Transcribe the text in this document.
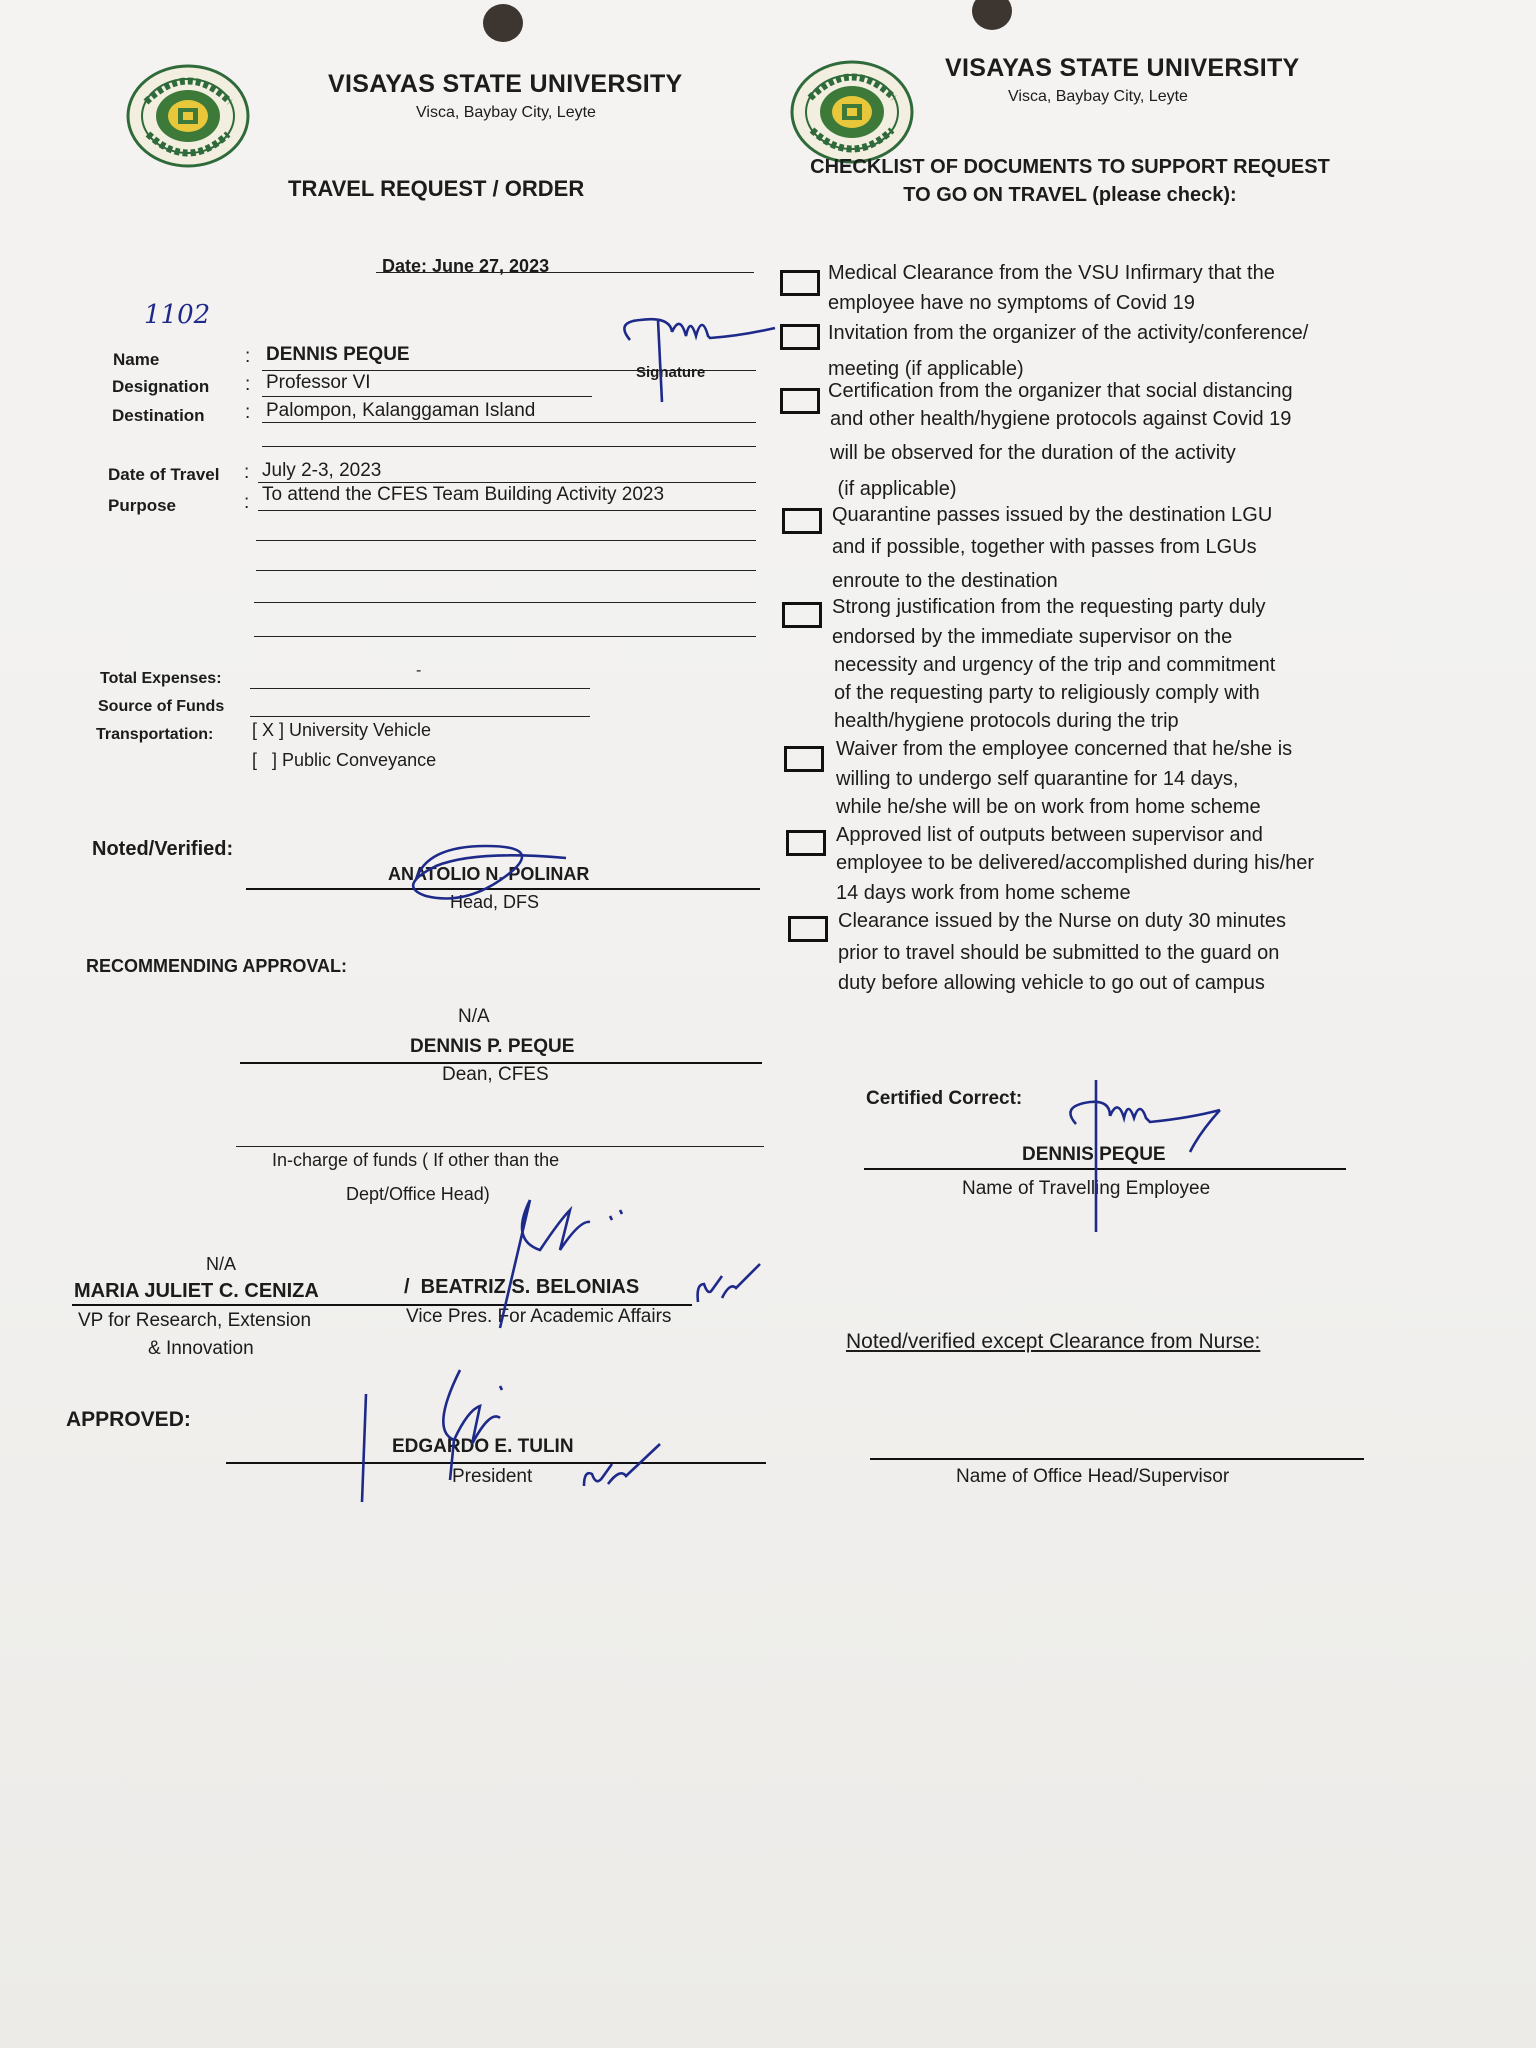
VISAYAS STATE UNIVERSITY
Visca, Baybay City, Leyte
TRAVEL REQUEST / ORDER
VISAYAS STATE UNIVERSITY
Visca, Baybay City, Leyte
CHECKLIST OF DOCUMENTS TO SUPPORT REQUEST
TO GO ON TRAVEL (please check):
Date: June 27, 2023
1102
Name	: DENNIS PEQUE
Designation : Professor VI	Signature
Destination : Palompon, Kalanggaman Island
Date of Travel : July 2-3, 2023
Purpose	: To attend the CFES Team Building Activity 2023
Total Expenses:	-
Source of Funds
Transportation: [ X ] University Vehicle
[   ] Public Conveyance
Noted/Verified:
ANATOLIO N. POLINAR
Head, DFS
RECOMMENDING APPROVAL:
N/A
DENNIS P. PEQUE
Dean, CFES
In-charge of funds ( If other than the
Dept/Office Head)
N/A
MARIA JULIET C. CENIZA
VP for Research, Extension
& Innovation
/  BEATRIZ S. BELONIAS
Vice Pres. For Academic Affairs
APPROVED:
EDGARDO E. TULIN
President
Medical Clearance from the VSU Infirmary that the
employee have no symptoms of Covid 19
Invitation from the organizer of the activity/conference/
meeting (if applicable)
Certification from the organizer that social distancing
and other health/hygiene protocols against Covid 19
will be observed for the duration of the activity
(if applicable)
Quarantine passes issued by the destination LGU
and if possible, together with passes from LGUs
enroute to the destination
Strong justification from the requesting party duly
endorsed by the immediate supervisor on the
necessity and urgency of the trip and commitment
of the requesting party to religiously comply with
health/hygiene protocols during the trip
Waiver from the employee concerned that he/she is
willing to undergo self quarantine for 14 days,
while he/she will be on work from home scheme
Approved list of outputs between supervisor and
employee to be delivered/accomplished during his/her
14 days work from home scheme
Clearance issued by the Nurse on duty 30 minutes
prior to travel should be submitted to the guard on
duty before allowing vehicle to go out of campus
Certified Correct:
DENNIS PEQUE
Name of Travelling Employee
Noted/verified except Clearance from Nurse:
Name of Office Head/Supervisor
